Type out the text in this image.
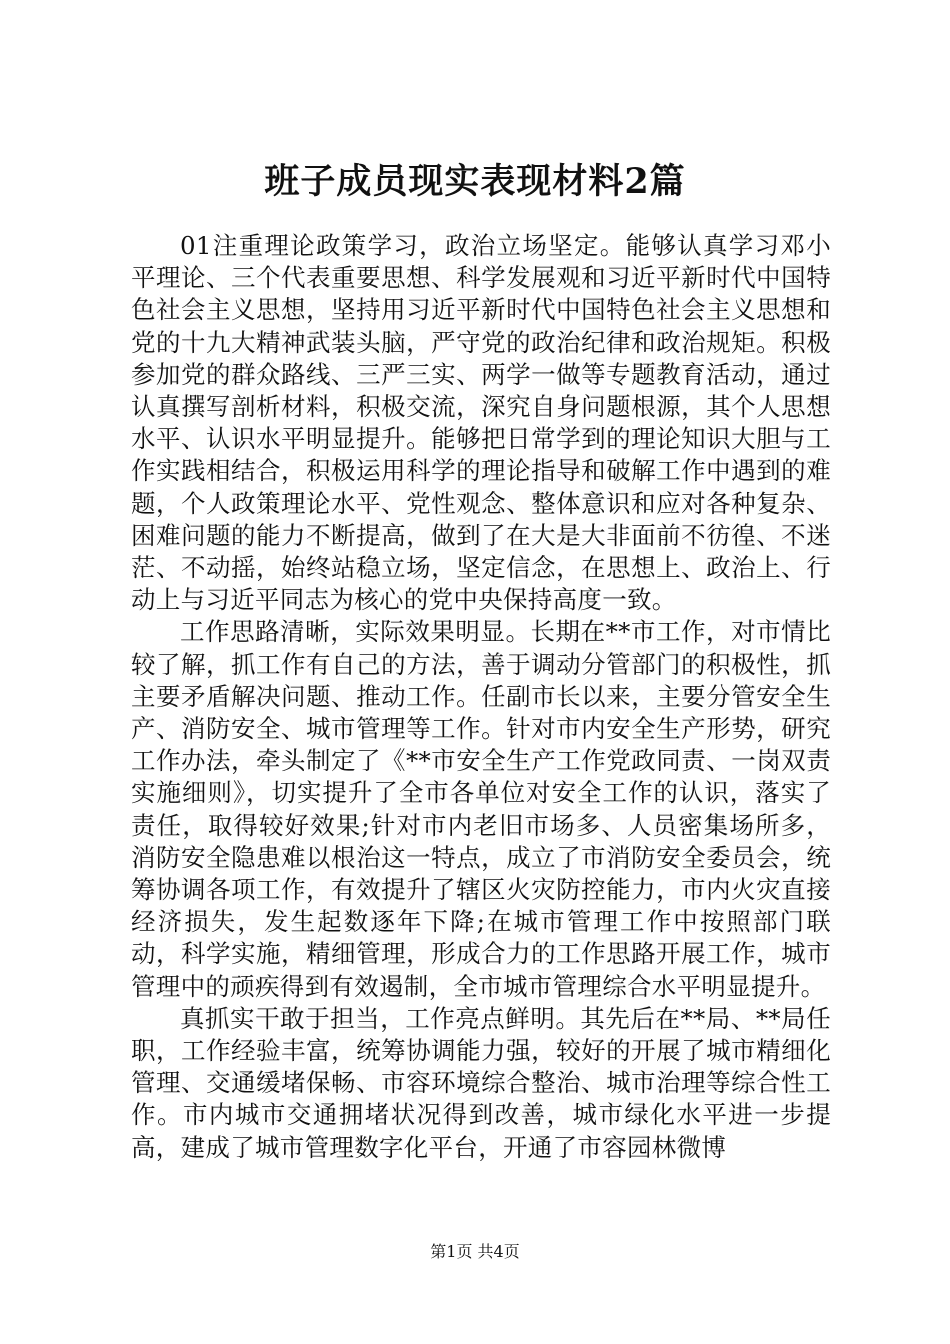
班子成员现实表现材料2篇

01注重理论政策学习，政治立场坚定。能够认真学习邓小平理论、三个代表重要思想、科学发展观和习近平新时代中国特色社会主义思想，坚持用习近平新时代中国特色社会主义思想和党的十九大精神武装头脑，严守党的政治纪律和政治规矩。积极参加党的群众路线、三严三实、两学一做等专题教育活动，通过认真撰写剖析材料，积极交流，深究自身问题根源，其个人思想水平、认识水平明显提升。能够把日常学到的理论知识大胆与工作实践相结合，积极运用科学的理论指导和破解工作中遇到的难题，个人政策理论水平、党性观念、整体意识和应对各种复杂、困难问题的能力不断提高，做到了在大是大非面前不彷徨、不迷茫、不动摇，始终站稳立场，坚定信念，在思想上、政治上、行动上与习近平同志为核心的党中央保持高度一致。

工作思路清晰，实际效果明显。长期在**市工作，对市情比较了解，抓工作有自己的方法，善于调动分管部门的积极性，抓主要矛盾解决问题、推动工作。任副市长以来，主要分管安全生产、消防安全、城市管理等工作。针对市内安全生产形势，研究工作办法，牵头制定了《**市安全生产工作党政同责、一岗双责实施细则》，切实提升了全市各单位对安全工作的认识，落实了责任，取得较好效果;针对市内老旧市场多、人员密集场所多，消防安全隐患难以根治这一特点，成立了市消防安全委员会，统筹协调各项工作，有效提升了辖区火灾防控能力，市内火灾直接经济损失，发生起数逐年下降;在城市管理工作中按照部门联动，科学实施，精细管理，形成合力的工作思路开展工作，城市管理中的顽疾得到有效遏制，全市城市管理综合水平明显提升。

真抓实干敢于担当，工作亮点鲜明。其先后在**局、**局任职，工作经验丰富，统筹协调能力强，较好的开展了城市精细化管理、交通缓堵保畅、市容环境综合整治、城市治理等综合性工作。市内城市交通拥堵状况得到改善，城市绿化水平进一步提高，建成了城市管理数字化平台，开通了市容园林微博

第1页 共4页
